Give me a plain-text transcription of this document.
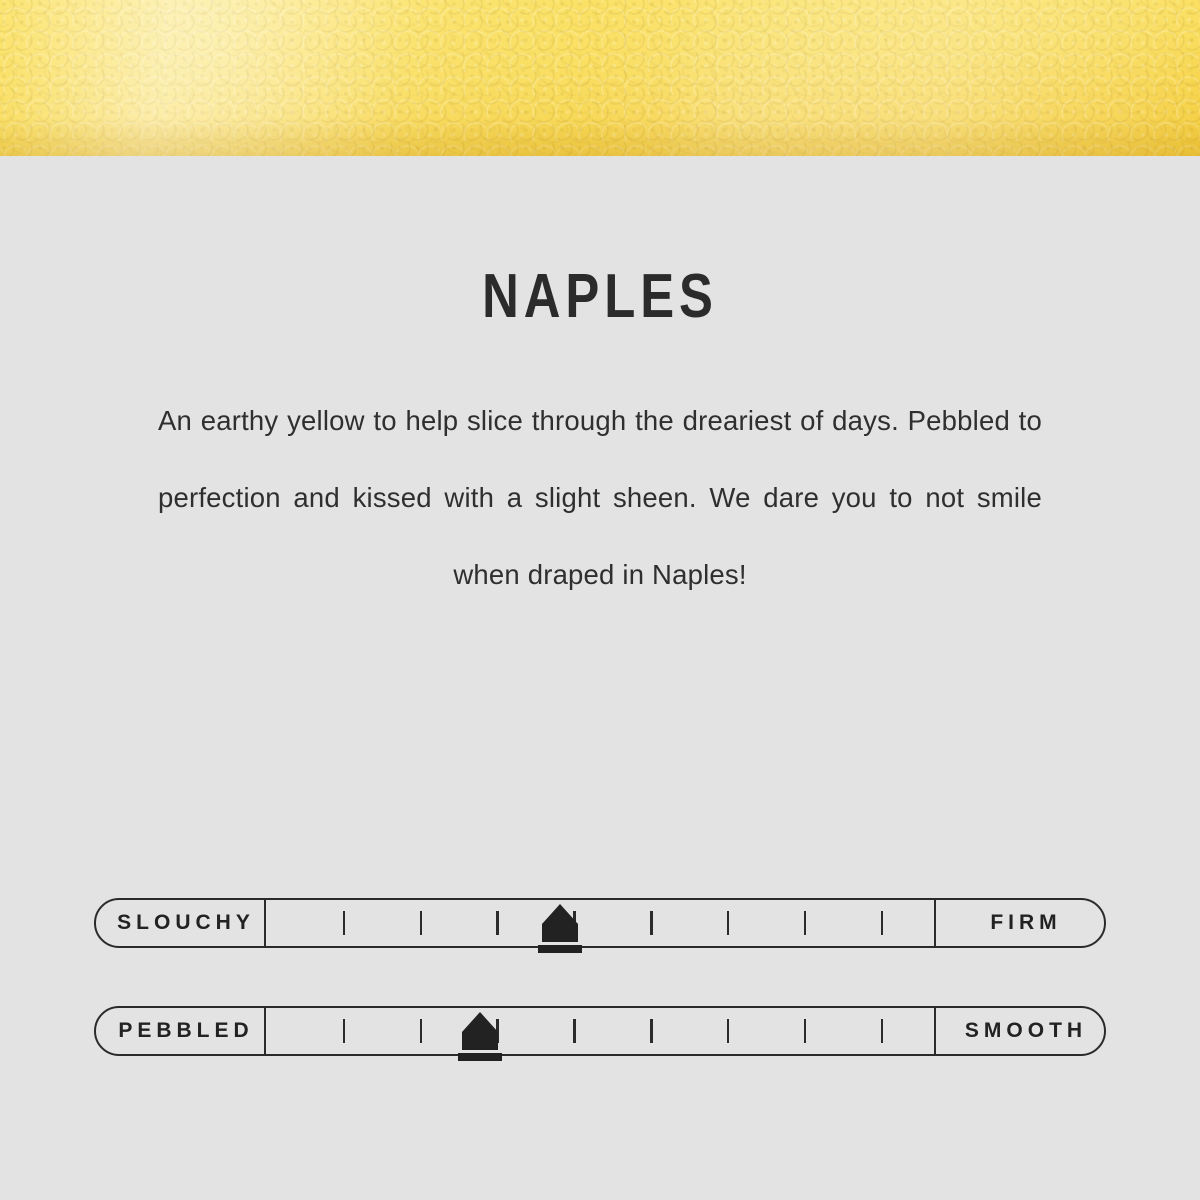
NAPLES

An earthy yellow to help slice through the dreariest of days. Pebbled to perfection and kissed with a slight sheen. We dare you to not smile when draped in Naples!

SLOUCHY	FIRM
PEBBLED	SMOOTH
